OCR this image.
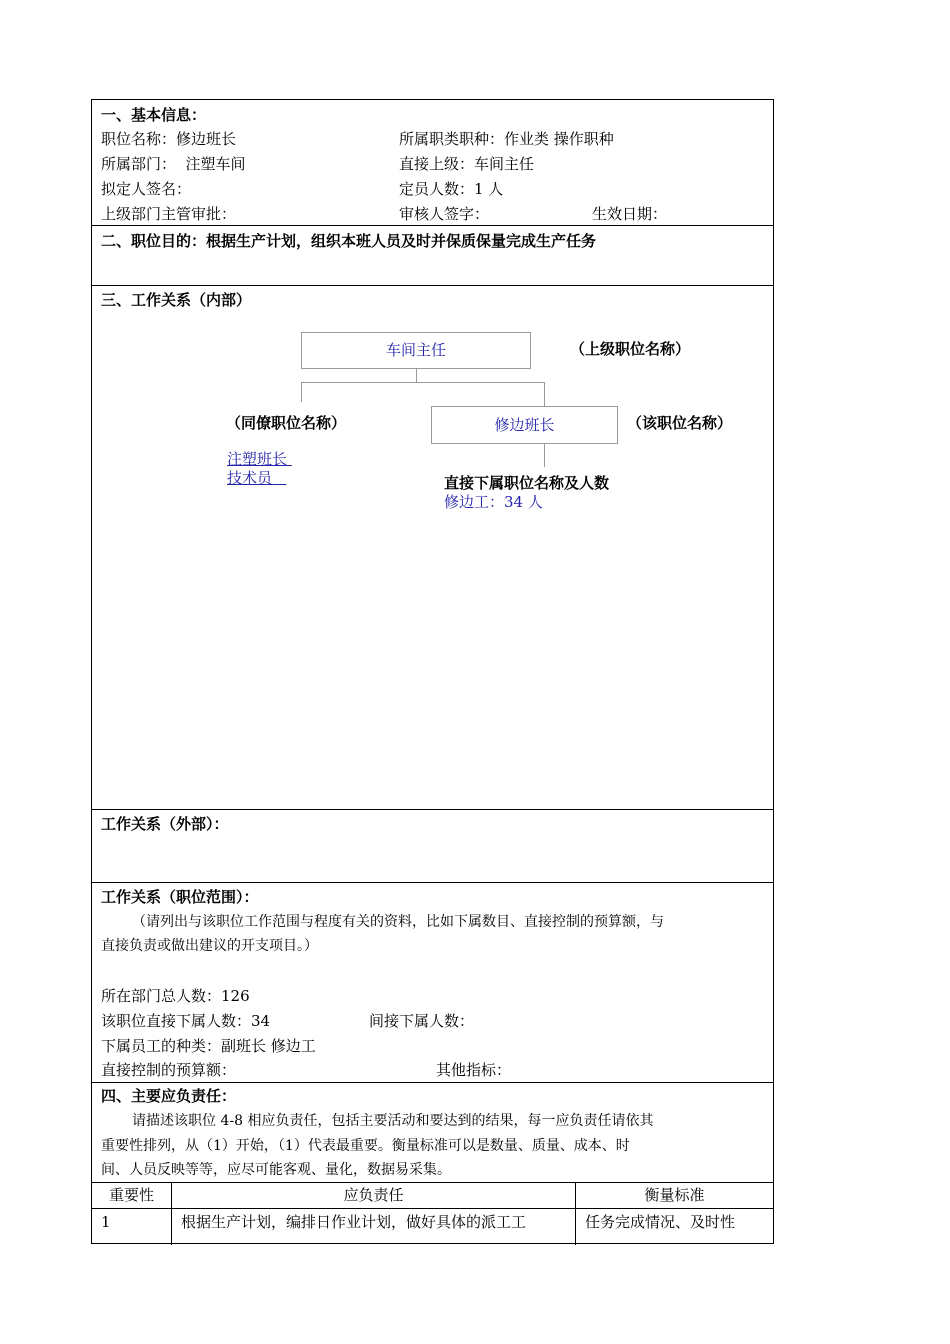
一、基本信息：
职位名称：修边班长	所属职类职种：作业类 操作职种
所属部门：  注塑车间	直接上级：车间主任
拟定人签名：	定员人数：1 人
上级部门主管审批：	审核人签字：	生效日期：
二、职位目的：根据生产计划，组织本班人员及时并保质保量完成生产任务
三、工作关系（内部）
车间主任	（上级职位名称）
（同僚职位名称）	修边班长	（该职位名称）
注塑班长
技术员	直接下属职位名称及人数
修边工：34 人
工作关系（外部）：
工作关系（职位范围）：
（请列出与该职位工作范围与程度有关的资料，比如下属数目、直接控制的预算额，与
直接负责或做出建议的开支项目。）
所在部门总人数：126
该职位直接下属人数：34	间接下属人数：
下属员工的种类：副班长 修边工
直接控制的预算额：	其他指标：
四、主要应负责任：
请描述该职位 4-8 相应负责任，包括主要活动和要达到的结果，每一应负责任请依其
重要性排列，从（1）开始，（1）代表最重要。衡量标准可以是数量、质量、成本、时
间、人员反映等等，应尽可能客观、量化，数据易采集。
重要性	应负责任	衡量标准
1	根据生产计划，编排日作业计划，做好具体的派工工	任务完成情况、及时性
